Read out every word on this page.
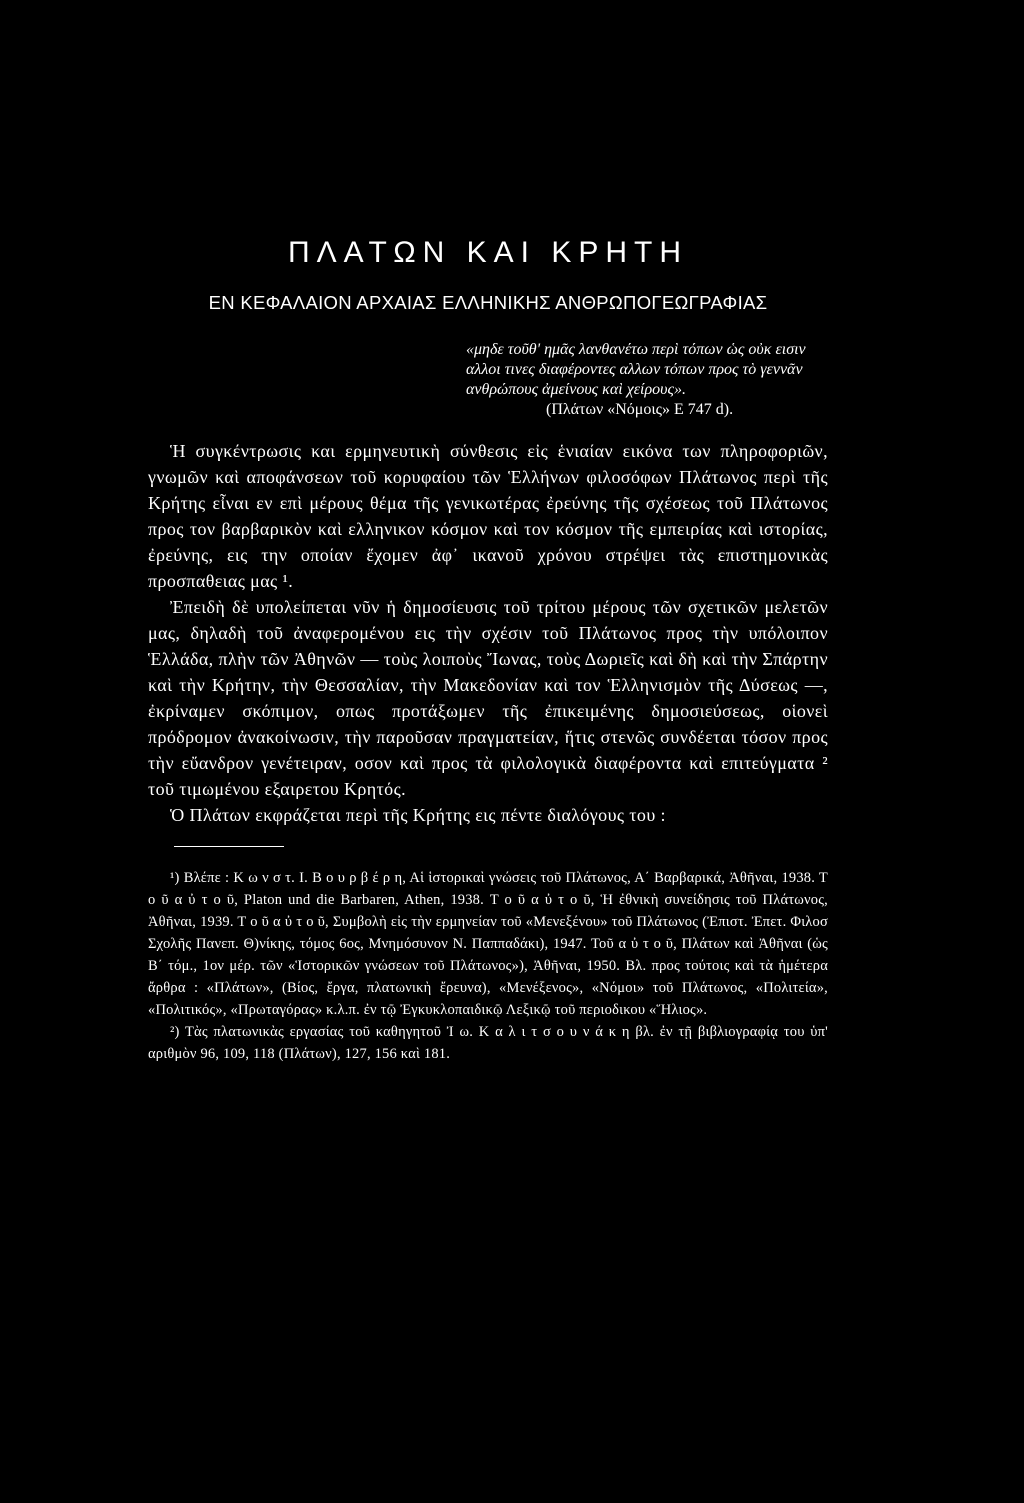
ΠΛΑΤΩΝ ΚΑΙ ΚΡΗΤΗ
ΕΝ ΚΕΦΑΛΑΙΟΝ ΑΡΧΑΙΑΣ ΕΛΛΗΝΙΚΗΣ ΑΝΘΡΩΠΟΓΕΩΓΡΑΦΙΑΣ
«μηδε τοῦθ' ημᾶς λανθανέτω περὶ τόπων ὡς οὐκ εισιν αλλοι τινες διαφέροντες αλλων τόπων προς τὸ γεννᾶν ανθρώπους ἀμείνους καὶ χείρους».
(Πλάτων «Νόμοις» Ε 747 d).

Ἡ συγκέντρωσις και ερμηνευτικὴ σύνθεσις εἰς ἑνιαίαν εικόνα των πληροφοριῶν, γνωμῶν καὶ αποφάνσεων τοῦ κορυφαίου τῶν Ἑλλήνων φιλοσόφων Πλάτωνος περὶ τῆς Κρήτης εἶναι εν επὶ μέρους θέμα τῆς γενικωτέρας ἐρεύνης τῆς σχέσεως τοῦ Πλάτωνος προς τον βαρβαρικὸν καὶ ελληνικον κόσμον καὶ τον κόσμον τῆς εμπειρίας καὶ ιστορίας, ἐρεύνης, εις την οποίαν ἔχομεν ἀφ᾽ ικανοῦ χρόνου στρέψει τὰς επιστημονικὰς προσπαθειας μας ¹.

Ἐπειδὴ δὲ υπολείπεται νῦν ἡ δημοσίευσις τοῦ τρίτου μέρους τῶν σχετικῶν μελετῶν μας, δηλαδὴ τοῦ ἀναφερομένου εις τὴν σχέσιν τοῦ Πλάτωνος προς τὴν υπόλοιπον Ἑλλάδα, πλὴν τῶν Ἀθηνῶν — τοὺς λοιποὺς Ἴωνας, τοὺς Δωριεῖς καὶ δὴ καὶ τὴν Σπάρτην καὶ τὴν Κρήτην, τὴν Θεσσαλίαν, τὴν Μακεδονίαν καὶ τον Ἑλληνισμὸν τῆς Δύσεως —, ἐκρίναμεν σκόπιμον, οπως προτάξωμεν τῆς ἐπικειμένης δημοσιεύσεως, οἱονεὶ πρόδρομον ἀνακοίνωσιν, τὴν παροῦσαν πραγματείαν, ἥτις στενῶς συνδέεται τόσον προς τὴν εὔανδρον γενέτειραν, οσον καὶ προς τὰ φιλολογικὰ διαφέροντα καὶ επιτεύγματα ² τοῦ τιμωμένου εξαιρετου Κρητός.

Ὁ Πλάτων εκφράζεται περὶ τῆς Κρήτης εις πέντε διαλόγους του :

¹) Βλέπε : Κ ω ν σ τ. Ι. Β ο υ ρ β έ ρ η, Αἱ ἱστορικαὶ γνώσεις τοῦ Πλάτωνος, Α΄ Βαρβαρικά, Ἀθῆναι, 1938. Τ ο ῦ α ὐ τ ο ῦ, Platon und die Barbaren, Athen, 1938. Τ ο ῦ α ὐ τ ο ῦ, Ἡ ἐθνικὴ συνείδησις τοῦ Πλάτωνος, Ἀθῆναι, 1939. Τ ο ῦ α ὐ τ ο ῦ, Συμβολὴ εἰς τὴν ερμηνείαν τοῦ «Μενεξένου» τοῦ Πλάτωνος (Ἐπιστ. Ἐπετ. Φιλοσ Σχολῆς Πανεπ. Θ)νίκης, τόμος 6ος, Μνημόσυνον Ν. Παππαδάκι), 1947. Τοῦ α ὐ τ ο ῦ, Πλάτων καὶ Ἀθῆναι (ὡς Β΄ τόμ., 1ον μέρ. τῶν «Ἱστορικῶν γνώσεων τοῦ Πλάτωνος»), Ἀθῆναι, 1950. Βλ. προς τούτοις καὶ τὰ ἡμέτερα ἄρθρα : «Πλάτων», (Βίος, ἔργα, πλατωνικὴ ἔρευνα), «Μενέξενος», «Νόμοι» τοῦ Πλάτωνος, «Πολιτεία», «Πολιτικός», «Πρωταγόρας» κ.λ.π. ἐν τῷ Ἐγκυκλοπαιδικῷ Λεξικῷ τοῦ περιοδικου «Ἥλιος».

²) Τὰς πλατωνικὰς εργασίας τοῦ καθηγητοῦ Ἰ ω. Κ α λ ι τ σ ο υ ν ά κ η βλ. ἐν τῇ βιβλιογραφίᾳ του ὑπ' αριθμὸν 96, 109, 118 (Πλάτων), 127, 156 καὶ 181.
